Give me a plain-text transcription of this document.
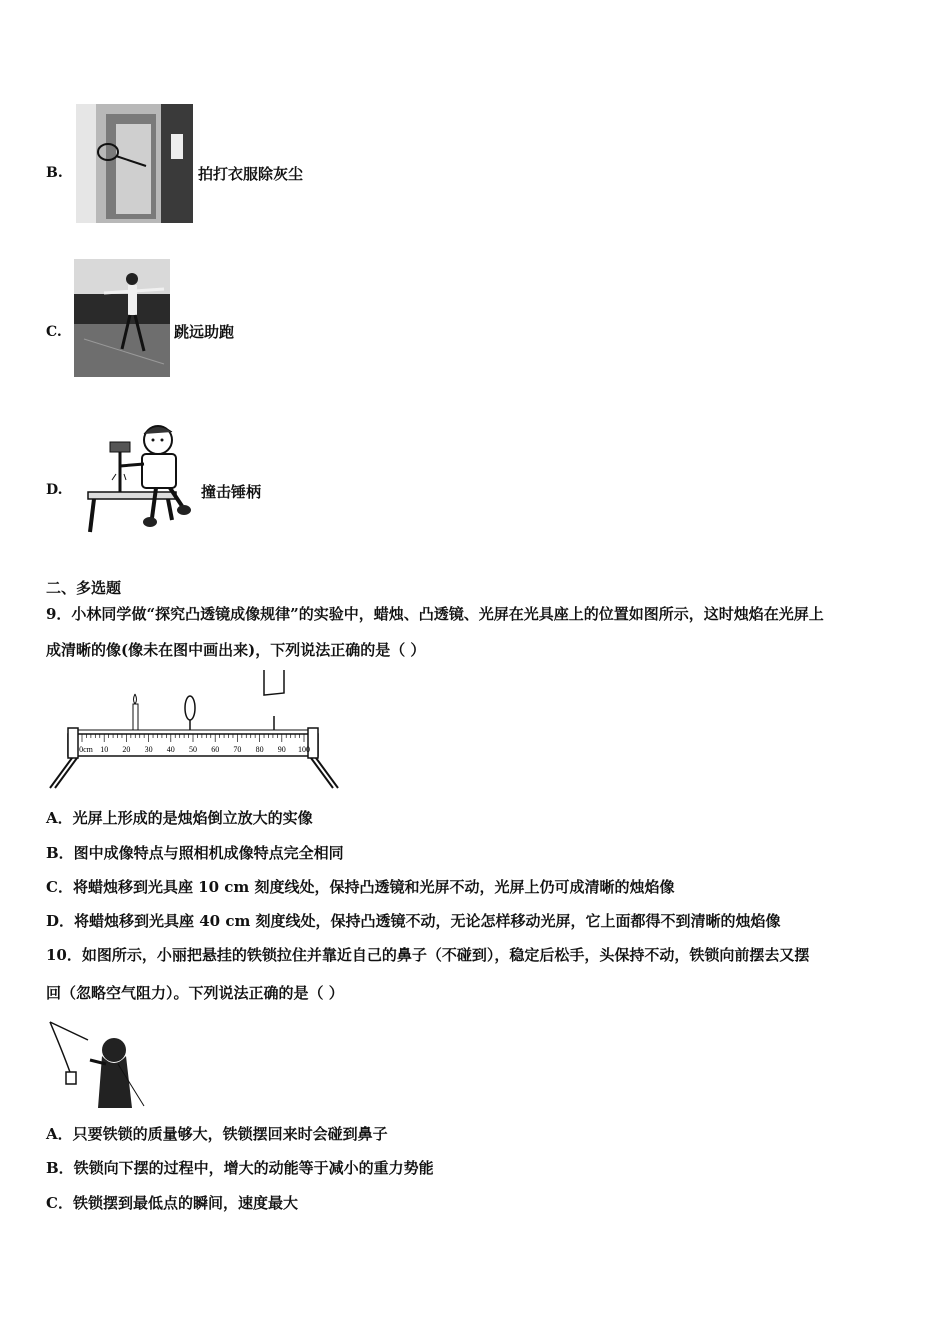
B.	拍打衣服除灰尘
C.	跳远助跑
D.	撞击锤柄
二、多选题
9．小林同学做“探究凸透镜成像规律”的实验中，蜡烛、凸透镜、光屏在光具座上的位置如图所示，这时烛焰在光屏上
成清晰的像(像未在图中画出来)，下列说法正确的是（ ）
0cm 10 20 30 40 50 60 70 80 90 100
A．光屏上形成的是烛焰倒立放大的实像
B．图中成像特点与照相机成像特点完全相同
C．将蜡烛移到光具座 10 cm 刻度线处，保持凸透镜和光屏不动，光屏上仍可成清晰的烛焰像
D．将蜡烛移到光具座 40 cm 刻度线处，保持凸透镜不动，无论怎样移动光屏，它上面都得不到清晰的烛焰像
10．如图所示，小丽把悬挂的铁锁拉住并靠近自己的鼻子（不碰到），稳定后松手，头保持不动，铁锁向前摆去又摆
回（忽略空气阻力）。下列说法正确的是（ ）
A．只要铁锁的质量够大，铁锁摆回来时会碰到鼻子
B．铁锁向下摆的过程中，增大的动能等于减小的重力势能
C．铁锁摆到最低点的瞬间，速度最大
